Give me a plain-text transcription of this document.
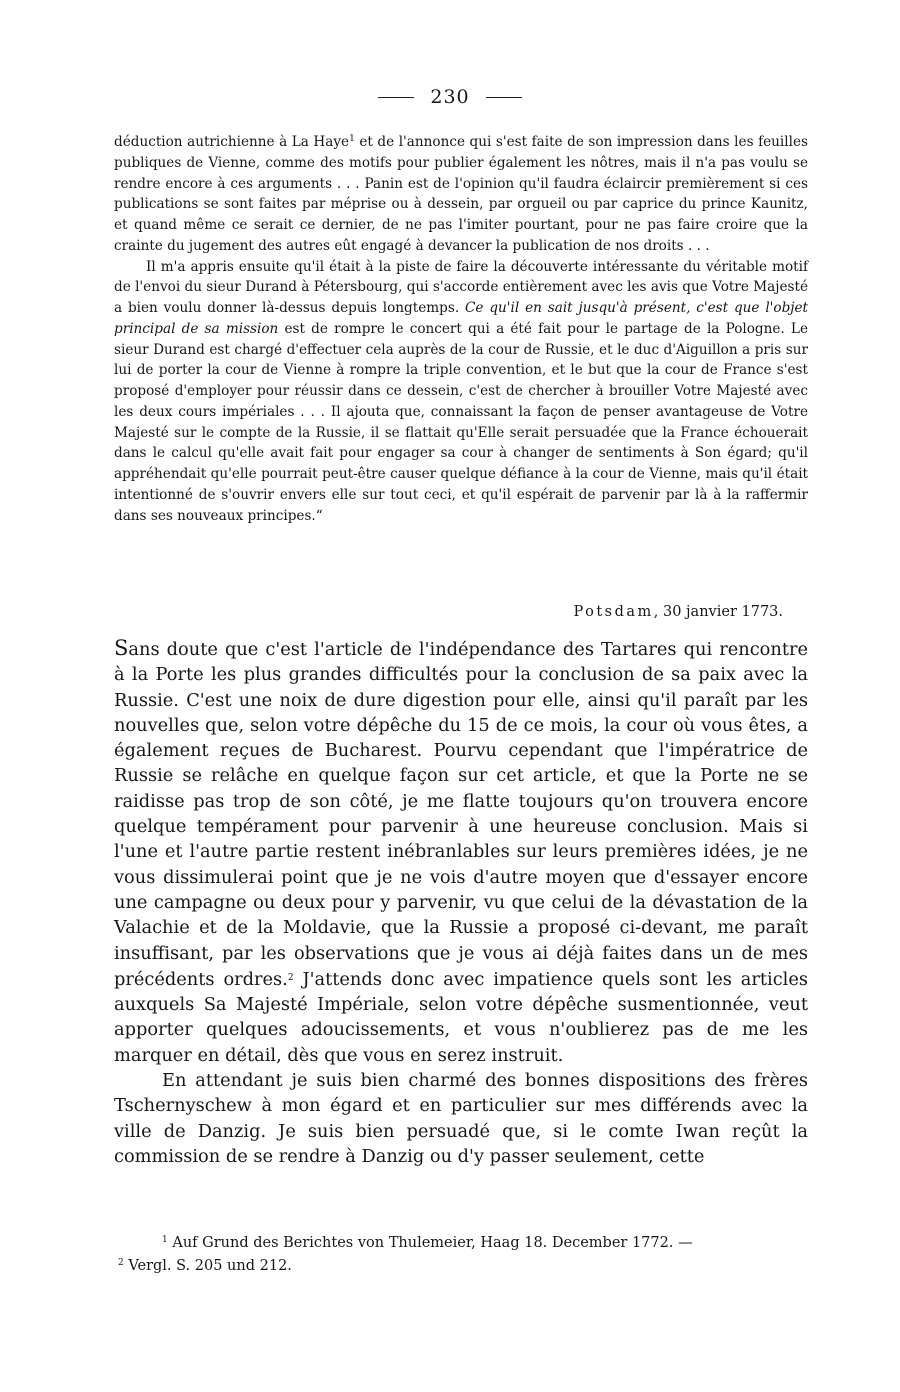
230

déduction autrichienne à La Haye$^1$ et de l'annonce qui s'est faite de son impression dans les feuilles publiques de Vienne, comme des motifs pour publier également les nôtres, mais il n'a pas voulu se rendre encore à ces arguments . . . Panin est de l'opinion qu'il faudra éclaircir premièrement si ces publications se sont faites par méprise ou à dessein, par orgueil ou par caprice du prince Kaunitz, et quand même ce serait ce dernier, de ne pas l'imiter pourtant, pour ne pas faire croire que la crainte du jugement des autres eût engagé à devancer la publication de nos droits . . .

Il m'a appris ensuite qu'il était à la piste de faire la découverte intéressante du véritable motif de l'envoi du sieur Durand à Pétersbourg, qui s'accorde entièrement avec les avis que Votre Majesté a bien voulu donner là-dessus depuis longtemps. Ce qu'il en sait jusqu'à présent, c'est que l'objet principal de sa mission est de rompre le concert qui a été fait pour le partage de la Pologne. Le sieur Durand est chargé d'effectuer cela auprès de la cour de Russie, et le duc d'Aiguillon a pris sur lui de porter la cour de Vienne à rompre la triple convention, et le but que la cour de France s'est proposé d'employer pour réussir dans ce dessein, c'est de chercher à brouiller Votre Majesté avec les deux cours impériales . . . Il ajouta que, connaissant la façon de penser avantageuse de Votre Majesté sur le compte de la Russie, il se flattait qu'Elle serait persuadée que la France échouerait dans le calcul qu'elle avait fait pour engager sa cour à changer de sentiments à Son égard; qu'il appréhendait qu'elle pourrait peut-être causer quelque défiance à la cour de Vienne, mais qu'il était intentionné de s'ouvrir envers elle sur tout ceci, et qu'il espérait de parvenir par là à la raffermir dans ses nouveaux principes.“

Potsdam, 30 janvier 1773.

Sans doute que c'est l'article de l'indépendance des Tartares qui rencontre à la Porte les plus grandes difficultés pour la conclusion de sa paix avec la Russie. C'est une noix de dure digestion pour elle, ainsi qu'il paraît par les nouvelles que, selon votre dépêche du 15 de ce mois, la cour où vous êtes, a également reçues de Bucharest. Pourvu cependant que l'impératrice de Russie se relâche en quelque façon sur cet article, et que la Porte ne se raidisse pas trop de son côté, je me flatte toujours qu'on trouvera encore quelque tempérament pour parvenir à une heureuse conclusion. Mais si l'une et l'autre partie restent inébranlables sur leurs premières idées, je ne vous dissimulerai point que je ne vois d'autre moyen que d'essayer encore une campagne ou deux pour y parvenir, vu que celui de la dévastation de la Valachie et de la Moldavie, que la Russie a proposé ci-devant, me paraît insuffisant, par les observations que je vous ai déjà faites dans un de mes précédents ordres.$^2$ J'attends donc avec impatience quels sont les articles auxquels Sa Majesté Impériale, selon votre dépêche susmentionnée, veut apporter quelques adoucissements, et vous n'oublierez pas de me les marquer en détail, dès que vous en serez instruit.

En attendant je suis bien charmé des bonnes dispositions des frères Tschernyschew à mon égard et en particulier sur mes différends avec la ville de Danzig. Je suis bien persuadé que, si le comte Iwan reçût la commission de se rendre à Danzig ou d'y passer seulement, cette

$^1$ Auf Grund des Berichtes von Thulemeier, Haag 18. December 1772. —

$^2$ Vergl. S. 205 und 212.
